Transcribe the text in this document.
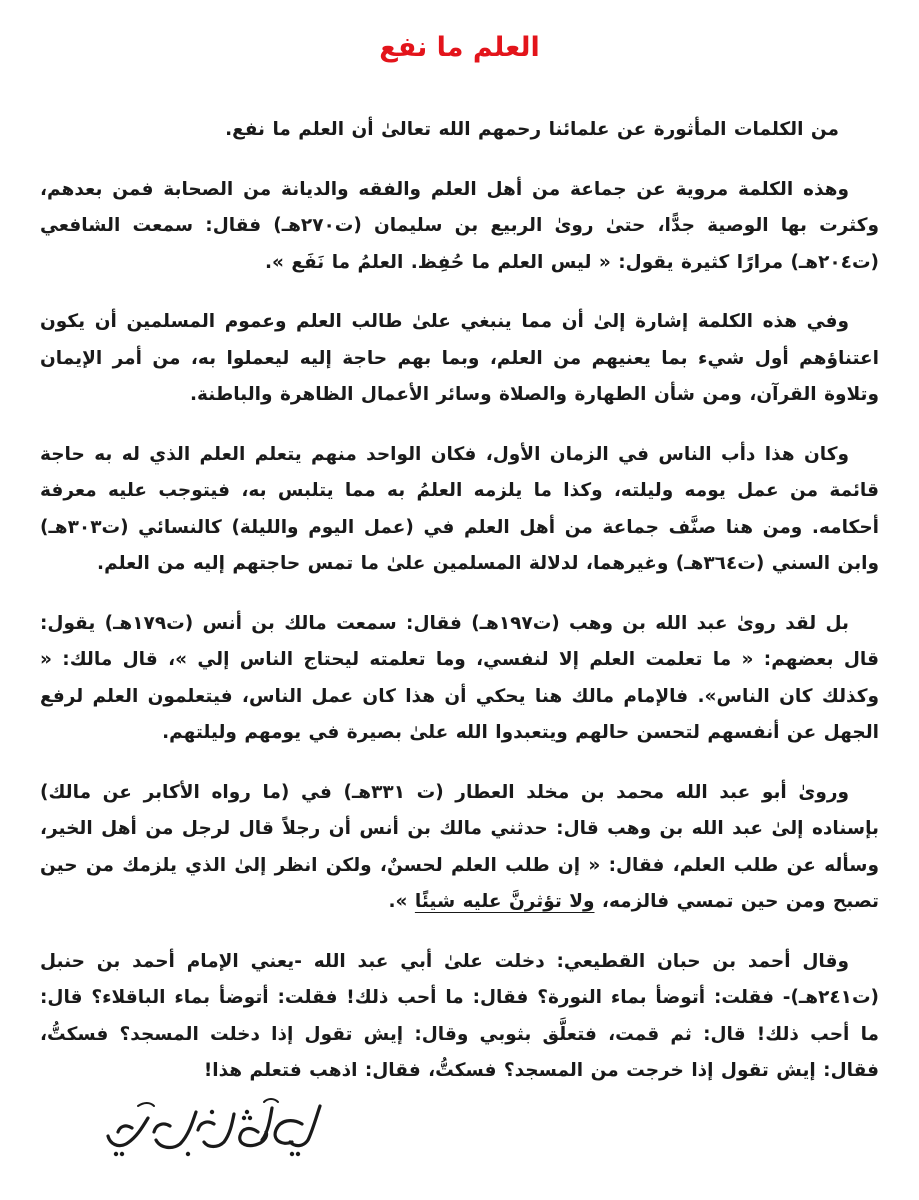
العلم ما نفع

من الكلمات المأثورة عن علمائنا رحمهم الله تعالىٰ أن العلم ما نفع.

وهذه الكلمة مروية عن جماعة من أهل العلم والفقه والديانة من الصحابة فمن بعدهم، وكثرت بها الوصية جدًّا، حتىٰ روىٰ الربيع بن سليمان (ت٢٧٠هـ) فقال: سمعت الشافعي (ت٢٠٤هـ) مرارًا كثيرة يقول: « ليس العلم ما حُفِظ. العلمُ ما نَفَع ».

وفي هذه الكلمة إشارة إلىٰ أن مما ينبغي علىٰ طالب العلم وعموم المسلمين أن يكون اعتناؤهم أول شيء بما يعنيهم من العلم، وبما بهم حاجة إليه ليعملوا به، من أمر الإيمان وتلاوة القرآن، ومن شأن الطهارة والصلاة وسائر الأعمال الظاهرة والباطنة.

وكان هذا دأب الناس في الزمان الأول، فكان الواحد منهم يتعلم العلم الذي له به حاجة قائمة من عمل يومه وليلته، وكذا ما يلزمه العلمُ به مما يتلبس به، فيتوجب عليه معرفة أحكامه. ومن هنا صنَّف جماعة من أهل العلم في (عمل اليوم والليلة) كالنسائي (ت٣٠٣هـ) وابن السني (ت٣٦٤هـ) وغيرهما، لدلالة المسلمين علىٰ ما تمس حاجتهم إليه من العلم.

بل لقد روىٰ عبد الله بن وهب (ت١٩٧هـ) فقال: سمعت مالك بن أنس (ت١٧٩هـ) يقول: قال بعضهم: « ما تعلمت العلم إلا لنفسي، وما تعلمته ليحتاج الناس إلي »، قال مالك: « وكذلك كان الناس». فالإمام مالك هنا يحكي أن هذا كان عمل الناس، فيتعلمون العلم لرفع الجهل عن أنفسهم لتحسن حالهم ويتعبدوا الله علىٰ بصيرة في يومهم وليلتهم.

وروىٰ أبو عبد الله محمد بن مخلد العطار (ت ٣٣١هـ) في (ما رواه الأكابر عن مالك) بإسناده إلىٰ عبد الله بن وهب قال: حدثني مالك بن أنس أن رجلاً قال لرجل من أهل الخير، وسأله عن طلب العلم، فقال: « إن طلب العلم لحسنٌ، ولكن انظر إلىٰ الذي يلزمك من حين تصبح ومن حين تمسي فالزمه، ولا تؤثرنَّ عليه شيئًا ».

وقال أحمد بن حبان القطيعي: دخلت علىٰ أبي عبد الله -يعني الإمام أحمد بن حنبل (ت٢٤١هـ)- فقلت: أتوضأ بماء النورة؟ فقال: ما أحب ذلك! فقلت: أتوضأ بماء الباقلاء؟ قال: ما أحب ذلك! قال: ثم قمت، فتعلَّق بثوبي وقال: إيش تقول إذا دخلت المسجد؟ فسكتُّ، فقال: إيش تقول إذا خرجت من المسجد؟ فسكتُّ، فقال: اذهب فتعلم هذا!
